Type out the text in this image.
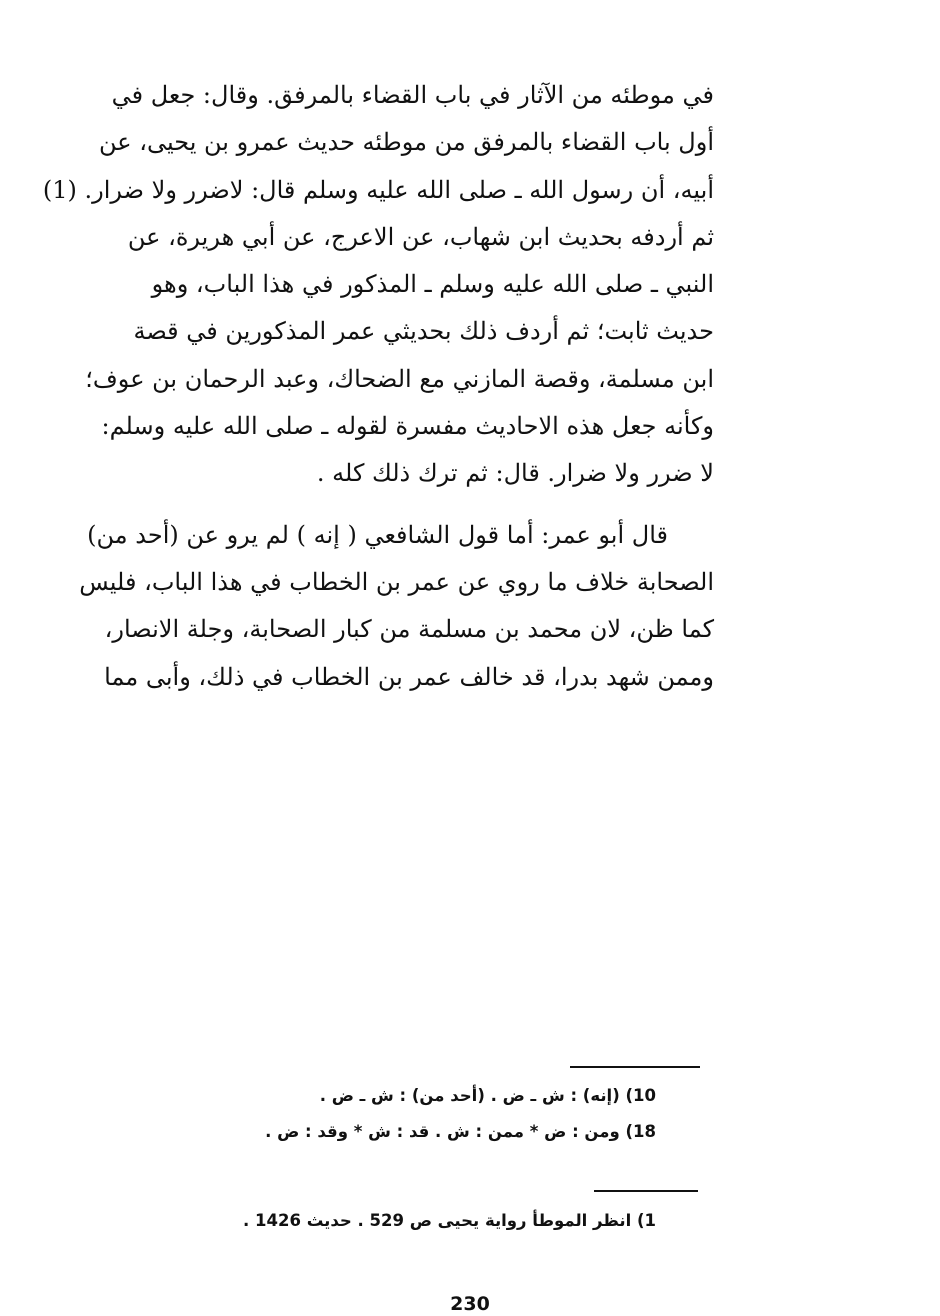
في موطئه من الآثار في باب القضاء بالمرفق. وقال: جعل في
أول باب القضاء بالمرفق من موطئه حديث عمرو بن يحيى، عن
أبيه، أن رسول الله ـ صلى الله عليه وسلم قال: لاضرر ولا ضرار. (1)
ثم أردفه بحديث ابن شهاب، عن الاعرج، عن أبي هريرة، عن
النبي ـ صلى الله عليه وسلم ـ المذكور في هذا الباب، وهو
حديث ثابت؛ ثم أردف ذلك بحديثي عمر المذكورين في قصة
ابن مسلمة، وقصة المازني مع الضحاك، وعبد الرحمان بن عوف؛
وكأنه جعل هذه الاحاديث مفسرة لقوله ـ صلى الله عليه وسلم:
لا ضرر ولا ضرار. قال: ثم ترك ذلك كله .
قال أبو عمر: أما قول الشافعي ( إنه ) لم يرو عن (أحد من)
الصحابة خلاف ما روي عن عمر بن الخطاب في هذا الباب، فليس
كما ظن، لان محمد بن مسلمة من كبار الصحابة، وجلة الانصار،
وممن شهد بدرا، قد خالف عمر بن الخطاب في ذلك، وأبى مما
10) (إنه) : ش ـ ض . (أحد من) : ش ـ ض .
18) ومن : ض * ممن : ش . قد : ش * وقد : ض .
1) انظر الموطأ رواية يحيى ص 529 . حديث 1426 .
230
